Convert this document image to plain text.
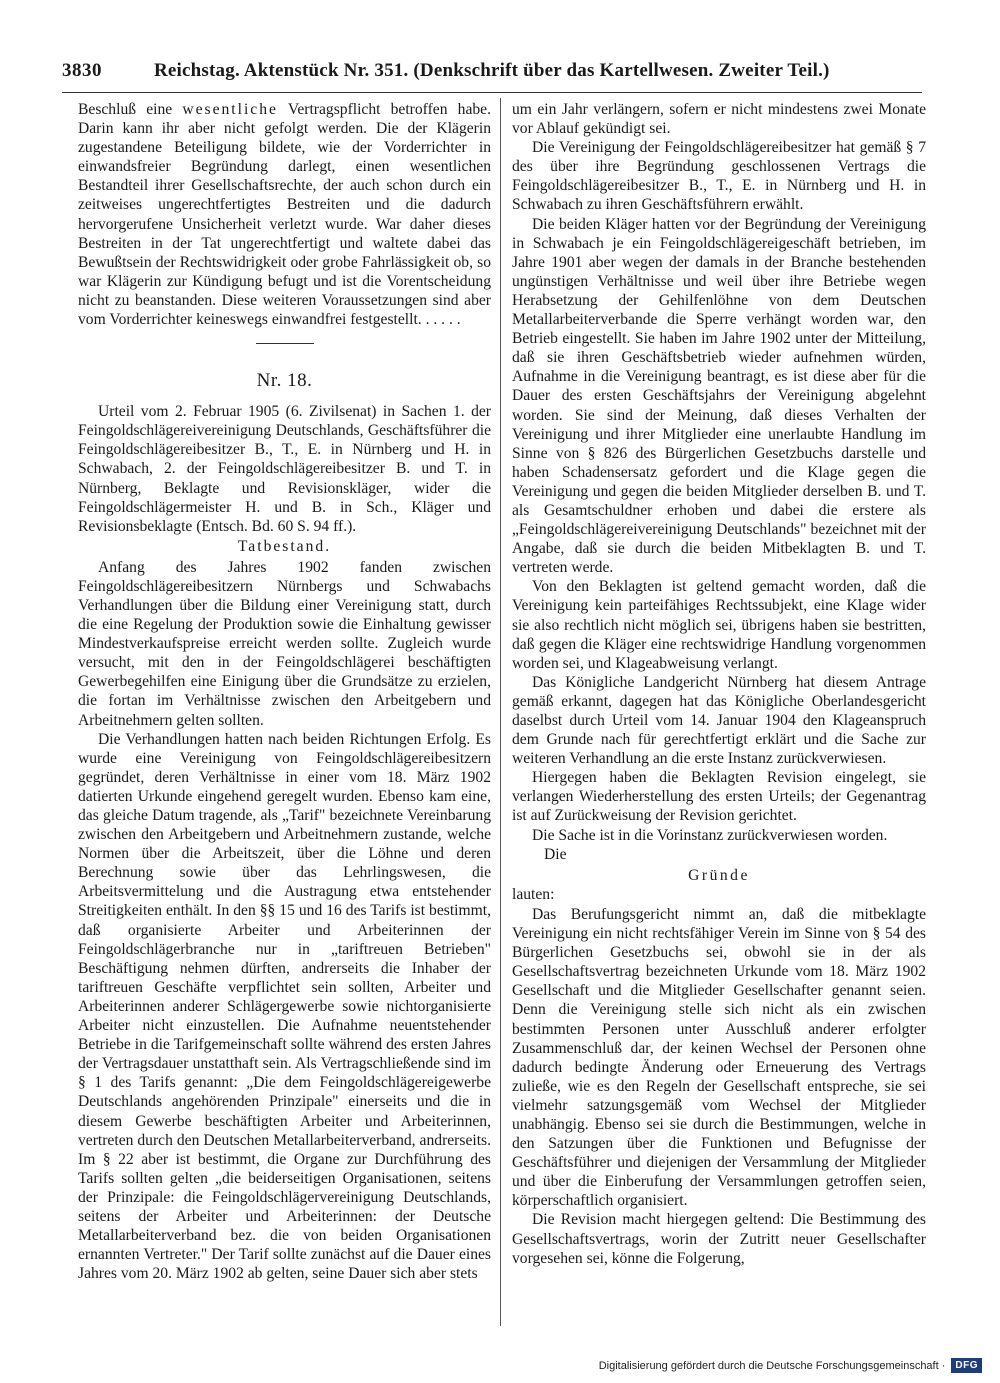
3830	Reichstag. Aktenstück Nr. 351. (Denkschrift über das Kartellwesen. Zweiter Teil.)

Beschluß eine wesentliche Vertragspflicht betroffen habe. Darin kann ihr aber nicht gefolgt werden. Die der Klägerin zugestandene Beteiligung bildete, wie der Vorderrichter in einwandsfreier Begründung darlegt, einen wesentlichen Bestandteil ihrer Gesellschaftsrechte, der auch schon durch ein zeitweises ungerechtfertigtes Bestreiten und die dadurch hervorgerufene Unsicherheit verletzt wurde. War daher dieses Bestreiten in der Tat ungerechtfertigt und waltete dabei das Bewußtsein der Rechtswidrigkeit oder grobe Fahrlässigkeit ob, so war Klägerin zur Kündigung befugt und ist die Vorentscheidung nicht zu beanstanden. Diese weiteren Voraussetzungen sind aber vom Vorderrichter keineswegs einwandfrei festgestellt. . . . . .

Nr. 18.

Urteil vom 2. Februar 1905 (6. Zivilsenat) in Sachen 1. der Feingoldschlägereivereinigung Deutschlands, Geschäftsführer die Feingoldschlägereibesitzer B., T., E. in Nürnberg und H. in Schwabach, 2. der Feingoldschlägereibesitzer B. und T. in Nürnberg, Beklagte und Revisionskläger, wider die Feingoldschlägermeister H. und B. in Sch., Kläger und Revisionsbeklagte (Entsch. Bd. 60 S. 94 ff.).

Tatbestand.

Anfang des Jahres 1902 fanden zwischen Feingoldschlägereibesitzern Nürnbergs und Schwabachs Verhandlungen über die Bildung einer Vereinigung statt, durch die eine Regelung der Produktion sowie die Einhaltung gewisser Mindestverkaufspreise erreicht werden sollte. Zugleich wurde versucht, mit den in der Feingoldschlägerei beschäftigten Gewerbegehilfen eine Einigung über die Grundsätze zu erzielen, die fortan im Verhältnisse zwischen den Arbeitgebern und Arbeitnehmern gelten sollten.

Die Verhandlungen hatten nach beiden Richtungen Erfolg. Es wurde eine Vereinigung von Feingoldschlägereibesitzern gegründet, deren Verhältnisse in einer vom 18. März 1902 datierten Urkunde eingehend geregelt wurden. Ebenso kam eine, das gleiche Datum tragende, als „Tarif" bezeichnete Vereinbarung zwischen den Arbeitgebern und Arbeitnehmern zustande, welche Normen über die Arbeitszeit, über die Löhne und deren Berechnung sowie über das Lehrlingswesen, die Arbeitsvermittelung und die Austragung etwa entstehender Streitigkeiten enthält. In den §§ 15 und 16 des Tarifs ist bestimmt, daß organisierte Arbeiter und Arbeiterinnen der Feingoldschlägerbranche nur in „tariftreuen Betrieben" Beschäftigung nehmen dürften, andrerseits die Inhaber der tariftreuen Geschäfte verpflichtet sein sollten, Arbeiter und Arbeiterinnen anderer Schlägergewerbe sowie nichtorganisierte Arbeiter nicht einzustellen. Die Aufnahme neuentstehender Betriebe in die Tarifgemeinschaft sollte während des ersten Jahres der Vertragsdauer unstatthaft sein. Als Vertragschließende sind im § 1 des Tarifs genannt: „Die dem Feingoldschlägereigewerbe Deutschlands angehörenden Prinzipale" einerseits und die in diesem Gewerbe beschäftigten Arbeiter und Arbeiterinnen, vertreten durch den Deutschen Metallarbeiterverband, andrerseits. Im § 22 aber ist bestimmt, die Organe zur Durchführung des Tarifs sollten gelten „die beiderseitigen Organisationen, seitens der Prinzipale: die Feingoldschlägervereinigung Deutschlands, seitens der Arbeiter und Arbeiterinnen: der Deutsche Metallarbeiterverband bez. die von beiden Organisationen ernannten Vertreter." Der Tarif sollte zunächst auf die Dauer eines Jahres vom 20. März 1902 ab gelten, seine Dauer sich aber stets

um ein Jahr verlängern, sofern er nicht mindestens zwei Monate vor Ablauf gekündigt sei.

Die Vereinigung der Feingoldschlägereibesitzer hat gemäß § 7 des über ihre Begründung geschlossenen Vertrags die Feingoldschlägereibesitzer B., T., E. in Nürnberg und H. in Schwabach zu ihren Geschäftsführern erwählt.

Die beiden Kläger hatten vor der Begründung der Vereinigung in Schwabach je ein Feingoldschlägereigeschäft betrieben, im Jahre 1901 aber wegen der damals in der Branche bestehenden ungünstigen Verhältnisse und weil über ihre Betriebe wegen Herabsetzung der Gehilfenlöhne von dem Deutschen Metallarbeiterverbande die Sperre verhängt worden war, den Betrieb eingestellt. Sie haben im Jahre 1902 unter der Mitteilung, daß sie ihren Geschäftsbetrieb wieder aufnehmen würden, Aufnahme in die Vereinigung beantragt, es ist diese aber für die Dauer des ersten Geschäftsjahrs der Vereinigung abgelehnt worden. Sie sind der Meinung, daß dieses Verhalten der Vereinigung und ihrer Mitglieder eine unerlaubte Handlung im Sinne von § 826 des Bürgerlichen Gesetzbuchs darstelle und haben Schadensersatz gefordert und die Klage gegen die Vereinigung und gegen die beiden Mitglieder derselben B. und T. als Gesamtschuldner erhoben und dabei die erstere als „Feingoldschlägereivereinigung Deutschlands" bezeichnet mit der Angabe, daß sie durch die beiden Mitbeklagten B. und T. vertreten werde.

Von den Beklagten ist geltend gemacht worden, daß die Vereinigung kein parteifähiges Rechtssubjekt, eine Klage wider sie also rechtlich nicht möglich sei, übrigens haben sie bestritten, daß gegen die Kläger eine rechtswidrige Handlung vorgenommen worden sei, und Klageabweisung verlangt.

Das Königliche Landgericht Nürnberg hat diesem Antrage gemäß erkannt, dagegen hat das Königliche Oberlandesgericht daselbst durch Urteil vom 14. Januar 1904 den Klageanspruch dem Grunde nach für gerechtfertigt erklärt und die Sache zur weiteren Verhandlung an die erste Instanz zurückverwiesen.

Hiergegen haben die Beklagten Revision eingelegt, sie verlangen Wiederherstellung des ersten Urteils; der Gegenantrag ist auf Zurückweisung der Revision gerichtet.

Die Sache ist in die Vorinstanz zurückverwiesen worden.

Die
Gründe
lauten:

Das Berufungsgericht nimmt an, daß die mitbeklagte Vereinigung ein nicht rechtsfähiger Verein im Sinne von § 54 des Bürgerlichen Gesetzbuchs sei, obwohl sie in der als Gesellschaftsvertrag bezeichneten Urkunde vom 18. März 1902 Gesellschaft und die Mitglieder Gesellschafter genannt seien. Denn die Vereinigung stelle sich nicht als ein zwischen bestimmten Personen unter Ausschluß anderer erfolgter Zusammenschluß dar, der keinen Wechsel der Personen ohne dadurch bedingte Änderung oder Erneuerung des Vertrags zuließe, wie es den Regeln der Gesellschaft entspreche, sie sei vielmehr satzungsgemäß vom Wechsel der Mitglieder unabhängig. Ebenso sei sie durch die Bestimmungen, welche in den Satzungen über die Funktionen und Befugnisse der Geschäftsführer und diejenigen der Versammlung der Mitglieder und über die Einberufung der Versammlungen getroffen seien, körperschaftlich organisiert.

Die Revision macht hiergegen geltend: Die Bestimmung des Gesellschaftsvertrags, worin der Zutritt neuer Gesellschafter vorgesehen sei, könne die Folgerung,

Digitalisierung gefördert durch die Deutsche Forschungsgemeinschaft ·	DFG
